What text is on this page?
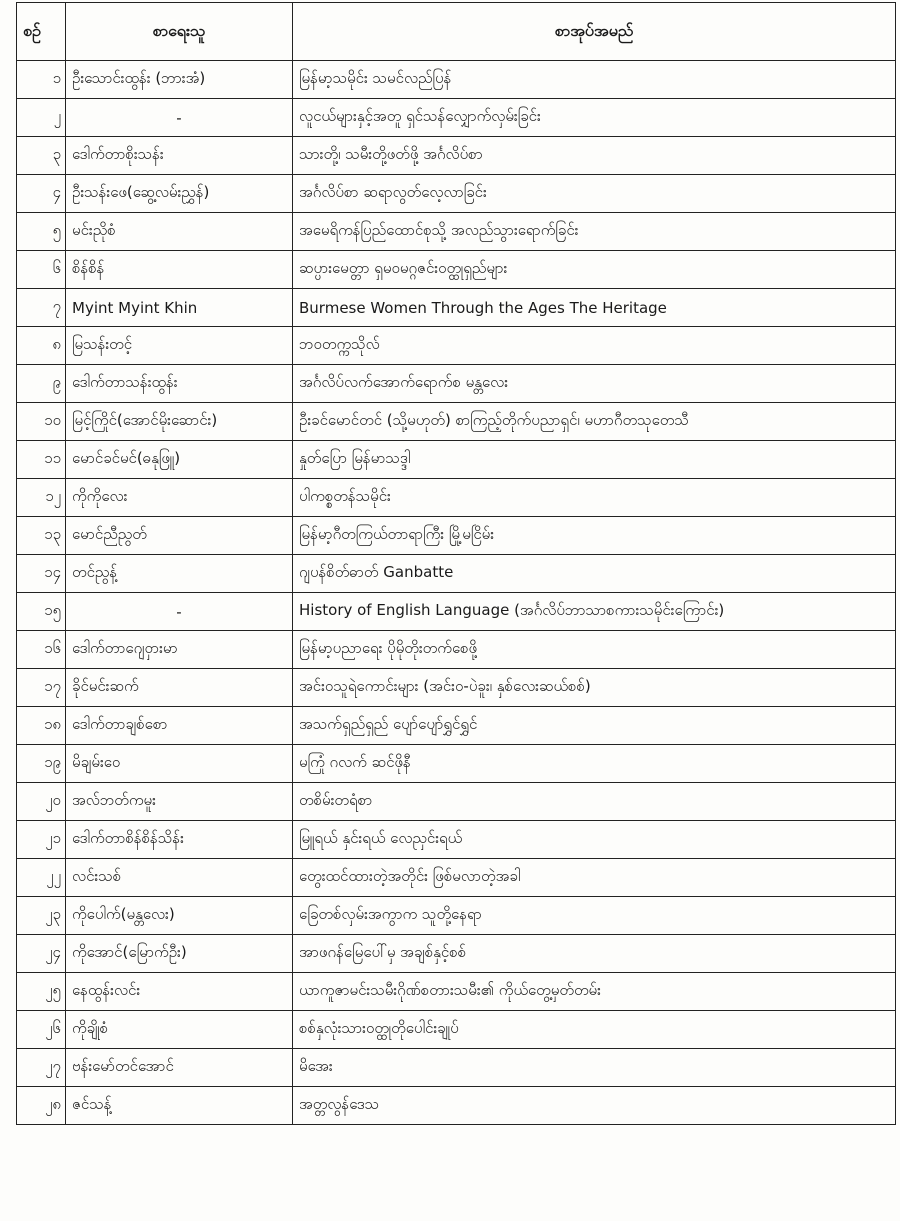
စဉ်	စာရေးသူ	စာအုပ်အမည်
၁	ဦးသောင်းထွန်း (ဘားအံ)	မြန်မာ့သမိုင်း သမင်လည်ပြန်
၂	-	လူငယ်များနှင့်အတူ ရှင်သန်လျှောက်လှမ်းခြင်း
၃	ဒေါက်တာစိုးသန်း	သားတို့၊ သမီးတို့ဖတ်ဖို့ အင်္ဂလိပ်စာ
၄	ဦးသန်းဖေ(ဆွေ့လမ်းညွှန်)	အင်္ဂလိပ်စာ ဆရာလွတ်လေ့လာခြင်း
၅	မင်းညိုစံ	အမေရိကန်ပြည်ထောင်စုသို့ အလည်သွားရောက်ခြင်း
၆	စိန်စိန်	ဆပ္ပားမေတ္တာ ရှမဝမဂ္ဂဇင်းဝတ္ထုရှည်များ
၇	Myint Myint Khin	Burmese Women Through the Ages The Heritage
၈	မြသန်းတင့်	ဘဝတက္ကသိုလ်
၉	ဒေါက်တာသန်းထွန်း	အင်္ဂလိပ်လက်အောက်ရောက်စ မန္တလေး
၁၀	မြင့်ကြိုင်(အောင်မိုးဆောင်း)	ဦးခင်မောင်တင် (သို့မဟုတ်) စာကြည့်တိုက်ပညာရှင်၊ မဟာဂီတသုတေသီ
၁၁	မောင်ခင်မင်(ဓနုဖြူ)	နှုတ်ပြော မြန်မာသဒ္ဒါ
၁၂	ကိုကိုလေး	ပါကစ္စတန်သမိုင်း
၁၃	မောင်ညီညွတ်	မြန်မာ့ဂီတကြယ်တာရာကြီး မြို့မငြိမ်း
၁၄	တင်ညွန့်	ဂျပန်စိတ်ဓာတ် Ganbatte
၁၅	-	History of English Language (အင်္ဂလိပ်ဘာသာစကားသမိုင်းကြောင်း)
၁၆	ဒေါက်တာဂျေဝှားမာ	မြန်မာ့ပညာရေး ပိုမိုတိုးတက်စေဖို့
၁၇	ခိုင်မင်းဆက်	အင်းဝသူရဲကောင်းများ (အင်းဝ-ပဲခူး၊ နှစ်လေးဆယ်စစ်)
၁၈	ဒေါက်တာချစ်စော	အသက်ရှည်ရှည် ပျော်ပျော်ရွှင်ရွှင်
၁၉	မိချမ်းဝေ	မကြုံ ဂလက် ဆင်ဖိုနီ
၂၀	အလ်ဘတ်ကမူး	တစိမ်းတရံစာ
၂၁	ဒေါက်တာစိန်စိန်သိန်း	မြူရယ် နှင်းရယ် လေညှင်းရယ်
၂၂	လင်းသစ်	တွေးထင်ထားတဲ့အတိုင်း ဖြစ်မလာတဲ့အခါ
၂၃	ကိုပေါက်(မန္တလေး)	ခြေတစ်လှမ်းအကွာက သူတို့နေရာ
၂၄	ကိုအောင်(မြောက်ဦး)	အာဖဂန်မြေပေါ်မှ အချစ်နှင့်စစ်
၂၅	နေထွန်းလင်း	ယာကူဇာမင်းသမီးဂိုဏ်စတားသမီး၏ ကိုယ်တွေ့မှတ်တမ်း
၂၆	ကိုချိုစံ	စစ်နှလုံးသားဝတ္ထုတိုပေါင်းချုပ်
၂၇	ဗန်းမော်တင်အောင်	မိအေး
၂၈	ဇင်သန့်	အတ္တလွန်ဒေသ
